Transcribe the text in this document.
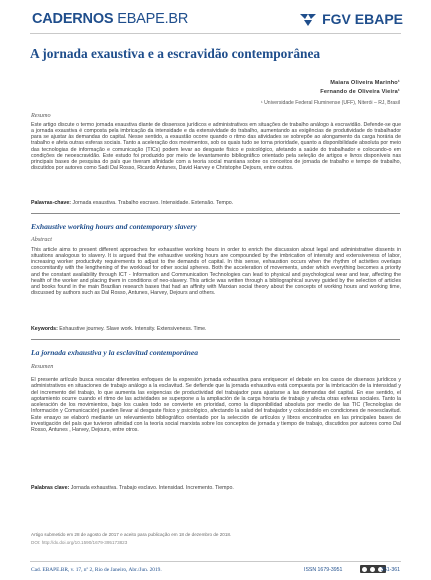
CADERNOS EBAPE.BR	FGV EBAPE
A jornada exaustiva e a escravidão contemporânea
Maiara Oliveira Marinho¹
Fernando de Oliveira Vieira¹
¹ Universidade Federal Fluminense (UFF), Niterói – RJ, Brasil
Resumo
Este artigo discute o termo jornada exaustiva diante de dissensos jurídicos e administrativos em situações de trabalho análogo à escravidão. Defende-se que a jornada exaustiva é composta pela imbricação da intensidade e da extensividade do trabalho, aumentando as exigências de produtividade do trabalhador para se ajustar às demandas do capital. Nesse sentido, a exaustão ocorre quando o ritmo das atividades se sobrepõe ao alongamento da carga horária de trabalho e afeta outras esferas sociais. Tanto a aceleração dos movimentos, sob os quais tudo se torna prioridade, quanto a disponibilidade absoluta por meio das tecnologias de informação e comunicação (TICs) podem levar ao desgaste físico e psicológico, afetando a saúde do trabalhador e colocando-o em condições de neoescravidão. Este estudo foi produzido por meio de levantamento bibliográfico orientado pela seleção de artigos e livros disponíveis nas principais bases de pesquisa do país que tiveram afinidade com a teoria social marxiana sobre os conceitos de jornada de trabalho e tempo de trabalho, discutidos por autores como Sadi Dal Rosso, Ricardo Antunes, David Harvey e Christophe Dejours, entre outros.
Palavras-chave: Jornada exaustiva. Trabalho escravo. Intensidade. Extensão. Tempo.
Exhaustive working hours and contemporary slavery
Abstract
This article aims to present different approaches for exhaustive working hours in order to enrich the discussion about legal and administrative dissents in situations analogous to slavery. It is argued that the exhaustive working hours are compounded by the imbrication of intensity and extensiveness of labor, increasing worker productivity requirements to adjust to the demands of capital. In this sense, exhaustion occurs when the rhythm of activities overlaps concomitantly with the lengthening of the workload for other social spheres. Both the acceleration of movements, under which everything becomes a priority and the constant availability through ICT - Information and Communication Technologies can lead to physical and psychological wear and tear, affecting the health of the worker and placing them in conditions of neo-slavery. This article was written through a bibliographical survey guided by the selection of articles and books found in the main Brazilian research bases that had an affinity with Marxian social theory about the concepts of working hours and working time, discussed by authors such as Dal Rosso, Antunes, Harvey, Dejours and others.
Keywords: Exhaustive journey. Slave work. Intensity. Extensiveness. Time.
La jornada exhaustiva y la esclavitud contemporánea
Resumen
El presente artículo busca rescatar diferentes enfoques de la expresión jornada exhaustiva para enriquecer el debate en los casos de disensos jurídicos y administrativos en situaciones de trabajo análogo a la esclavitud. Se defiende que la jornada exhaustiva está compuesta por la imbricación de la intensidad y del incremento del trabajo, lo que aumenta las exigencias de productividad del trabajador para ajustarse a las demandas del capital. En ese sentido, el agotamiento ocurre cuando el ritmo de las actividades se superpone a la ampliación de la carga horaria de trabajo y afecta otras esferas sociales. Tanto la aceleración de los movimientos, bajo los cuales todo se convierte en prioridad, como la disponibilidad absoluta por medio de las TIC (Tecnologías de Información y Comunicación) pueden llevar al desgaste físico y psicológico, afectando la salud del trabajador y colocándolo en condiciones de neoesclavitud. Este ensayo se elaboró mediante un relevamiento bibliográfico orientado por la selección de artículos y libros encontrados en las principales bases de investigación del país que tuvieron afinidad con la teoría social marxista sobre los conceptos de jornada y tiempo de trabajo, discutidos por autores como Dal Rosso, Antunes , Harvey, Dejours, entre otros.
Palabras clave: Jornada exhaustiva. Trabajo esclavo. Intensidad. Incremento. Tiempo.
Artigo submetido em 28 de agosto de 2017 e aceito para publicação em 18 de dezembro de 2018.
DOI: http://dx.doi.org/10.1590/1679-395173823
Cad. EBAPE.BR, v. 17, nº 2, Rio de Janeiro, Abr./Jun. 2019.	ISSN 1679-3951	351-361
